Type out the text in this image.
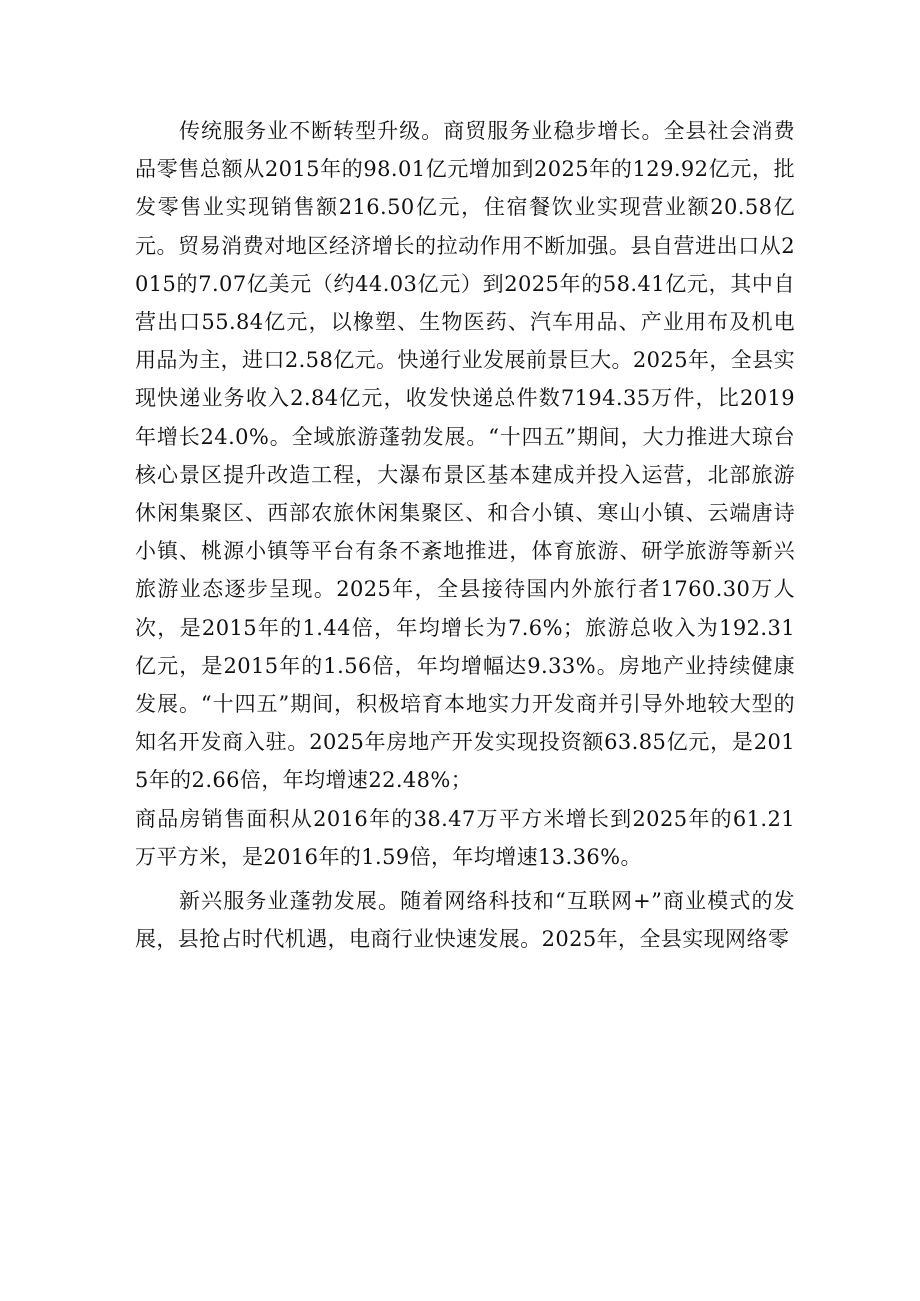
传统服务业不断转型升级。商贸服务业稳步增长。全县社会消费品零售总额从2015年的98.01亿元增加到2025年的129.92亿元，批发零售业实现销售额216.50亿元，住宿餐饮业实现营业额20.58亿元。贸易消费对地区经济增长的拉动作用不断加强。县自营进出口从2015的7.07亿美元（约44.03亿元）到2025年的58.41亿元，其中自营出口55.84亿元，以橡塑、生物医药、汽车用品、产业用布及机电用品为主，进口2.58亿元。快递行业发展前景巨大。2025年，全县实现快递业务收入2.84亿元，收发快递总件数7194.35万件，比2019年增长24.0%。全域旅游蓬勃发展。“十四五”期间，大力推进大琼台核心景区提升改造工程，大瀑布景区基本建成并投入运营，北部旅游休闲集聚区、西部农旅休闲集聚区、和合小镇、寒山小镇、云端唐诗小镇、桃源小镇等平台有条不紊地推进，体育旅游、研学旅游等新兴旅游业态逐步呈现。2025年，全县接待国内外旅行者1760.30万人次，是2015年的1.44倍，年均增长为7.6%；旅游总收入为192.31亿元，是2015年的1.56倍，年均增幅达9.33%。房地产业持续健康发展。“十四五”期间，积极培育本地实力开发商并引导外地较大型的知名开发商入驻。2025年房地产开发实现投资额63.85亿元，是2015年的2.66倍，年均增速22.48%；

商品房销售面积从2016年的38.47万平方米增长到2025年的61.21万平方米，是2016年的1.59倍，年均增速13.36%。

新兴服务业蓬勃发展。随着网络科技和“互联网+”商业模式的发展，县抢占时代机遇，电商行业快速发展。2025年，全县实现网络零
